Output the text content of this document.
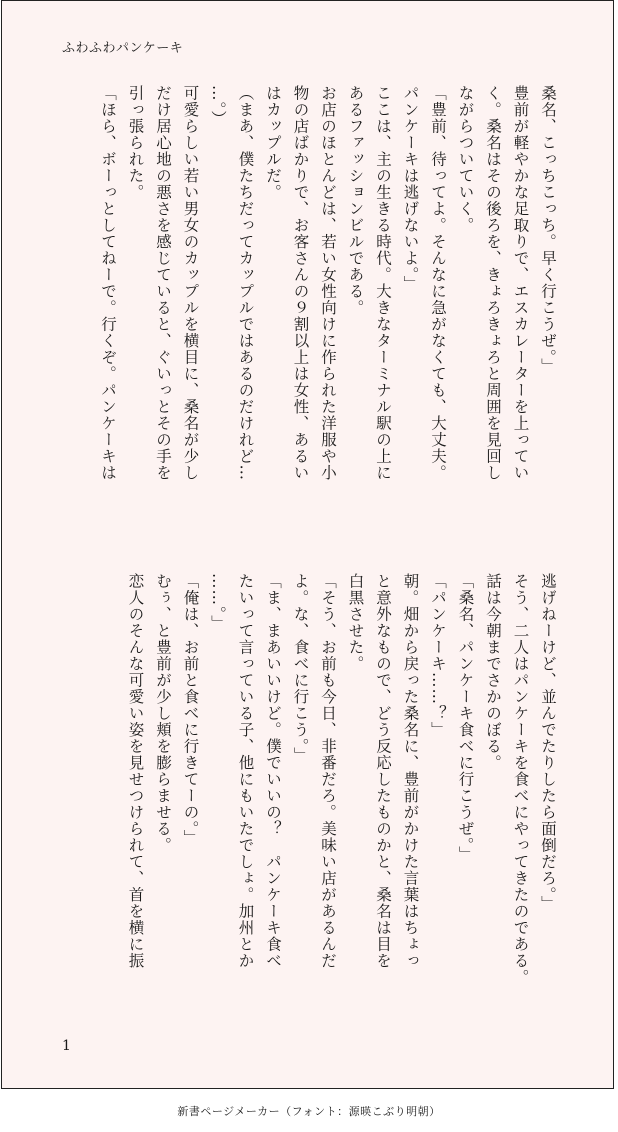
ふわふわパンケーキ
桑名、こっちこっち。早く行こうぜ。」
豊前が軽やかな足取りで、エスカレーターを上ってい
く。桑名はその後ろを、きょろきょろと周囲を見回し
ながらついていく。
「豊前、待ってよ。そんなに急がなくても、大丈夫。
パンケーキは逃げないよ。」
ここは、主の生きる時代。大きなターミナル駅の上に
あるファッションビルである。
お店のほとんどは、若い女性向けに作られた洋服や小
物の店ばかりで、お客さんの９割以上は女性、あるい
はカップルだ。
（まあ、僕たちだってカップルではあるのだけれど…
…。）
可愛らしい若い男女のカップルを横目に、桑名が少し
だけ居心地の悪さを感じていると、ぐいっとその手を
引っ張られた。
「ほら、ボーっとしてねーで。行くぞ。パンケーキは
逃げねーけど、並んでたりしたら面倒だろ。」
そう、二人はパンケーキを食べにやってきたのである。
話は今朝までさかのぼる。
「桑名、パンケーキ食べに行こうぜ。」
「パンケーキ……？」
朝。畑から戻った桑名に、豊前がかけた言葉はちょっ
と意外なもので、どう反応したものかと、桑名は目を
白黒させた。
「そう、お前も今日、非番だろ。美味い店があるんだ
よ。な、食べに行こう。」
「ま、まあいいけど。僕でいいの？　パンケーキ食べ
たいって言っている子、他にもいたでしょ。加州とか
……。」
「俺は、お前と食べに行きてーの。」
むぅ、と豊前が少し頬を膨らませる。
恋人のそんな可愛い姿を見せつけられて、首を横に振
1
新書ページメーカー（フォント：源暎こぶり明朝）
